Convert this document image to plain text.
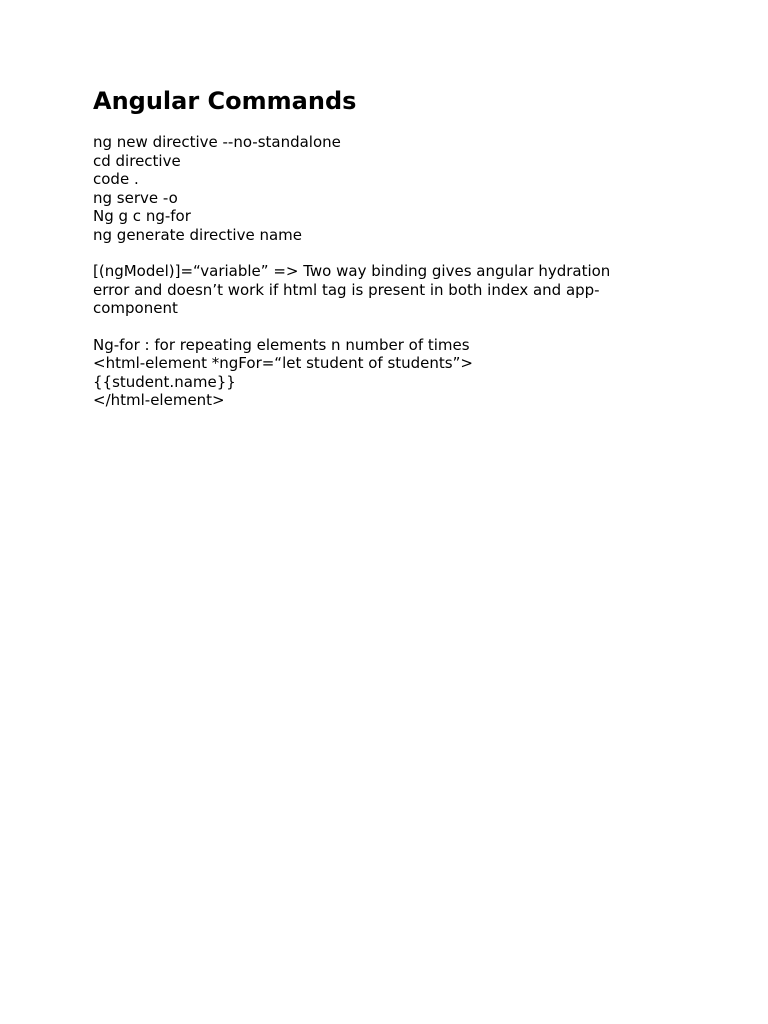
Angular Commands

ng new directive --no-standalone

cd directive

code .

ng serve -o

Ng g c ng-for

ng generate directive name

[(ngModel)]=“variable” => Two way binding gives angular hydration

error and doesn’t work if html tag is present in both index and app-

component

Ng-for : for repeating elements n number of times

<html-element *ngFor=“let student of students”>

{{student.name}}

</html-element>
